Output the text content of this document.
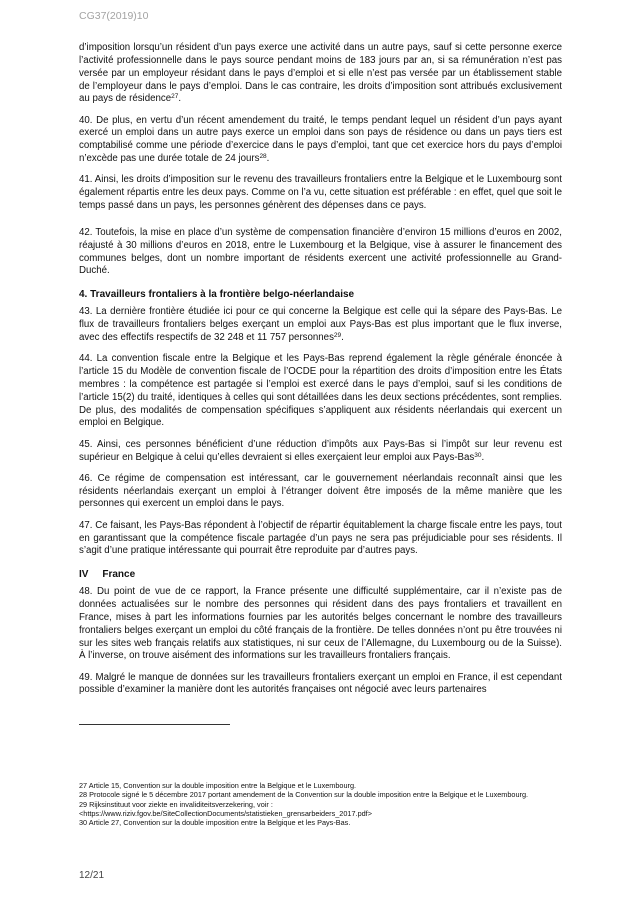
CG37(2019)10

d’imposition lorsqu’un résident d’un pays exerce une activité dans un autre pays, sauf si cette personne exerce l’activité professionnelle dans le pays source pendant moins de 183 jours par an, si sa rémunération n’est pas versée par un employeur résidant dans le pays d’emploi et si elle n’est pas versée par un établissement stable de l’employeur dans le pays d’emploi. Dans le cas contraire, les droits d’imposition sont attribués exclusivement au pays de résidence$^{27}$.

40. De plus, en vertu d’un récent amendement du traité, le temps pendant lequel un résident d’un pays ayant exercé un emploi dans un autre pays exerce un emploi dans son pays de résidence ou dans un pays tiers est comptabilisé comme une période d’exercice dans le pays d’emploi, tant que cet exercice hors du pays d’emploi n’excède pas une durée totale de 24 jours$^{28}$.

41. Ainsi, les droits d’imposition sur le revenu des travailleurs frontaliers entre la Belgique et le Luxembourg sont également répartis entre les deux pays. Comme on l’a vu, cette situation est préférable : en effet, quel que soit le temps passé dans un pays, les personnes génèrent des dépenses dans ce pays.

42. Toutefois, la mise en place d’un système de compensation financière d’environ 15 millions d’euros en 2002, réajusté à 30 millions d’euros en 2018, entre le Luxembourg et la Belgique, vise à assurer le financement des communes belges, dont un nombre important de résidents exercent une activité professionnelle au Grand-Duché.

4. Travailleurs frontaliers à la frontière belgo-néerlandaise

43. La dernière frontière étudiée ici pour ce qui concerne la Belgique est celle qui la sépare des Pays-Bas. Le flux de travailleurs frontaliers belges exerçant un emploi aux Pays-Bas est plus important que le flux inverse, avec des effectifs respectifs de 32 248 et 11 757 personnes$^{29}$.

44. La convention fiscale entre la Belgique et les Pays-Bas reprend également la règle générale énoncée à l’article 15 du Modèle de convention fiscale de l’OCDE pour la répartition des droits d’imposition entre les États membres : la compétence est partagée si l’emploi est exercé dans le pays d’emploi, sauf si les conditions de l’article 15(2) du traité, identiques à celles qui sont détaillées dans les deux sections précédentes, sont remplies. De plus, des modalités de compensation spécifiques s’appliquent aux résidents néerlandais qui exercent un emploi en Belgique.

45. Ainsi, ces personnes bénéficient d’une réduction d’impôts aux Pays-Bas si l’impôt sur leur revenu est supérieur en Belgique à celui qu’elles devraient si elles exerçaient leur emploi aux Pays-Bas$^{30}$.

46. Ce régime de compensation est intéressant, car le gouvernement néerlandais reconnaît ainsi que les résidents néerlandais exerçant un emploi à l’étranger doivent être imposés de la même manière que les personnes qui exercent un emploi dans le pays.

47. Ce faisant, les Pays-Bas répondent à l’objectif de répartir équitablement la charge fiscale entre les pays, tout en garantissant que la compétence fiscale partagée d’un pays ne sera pas préjudiciable pour ses résidents. Il s’agit d’une pratique intéressante qui pourrait être reproduite par d’autres pays.

IV     France

48. Du point de vue de ce rapport, la France présente une difficulté supplémentaire, car il n’existe pas de données actualisées sur le nombre des personnes qui résident dans des pays frontaliers et travaillent en France, mises à part les informations fournies par les autorités belges concernant le nombre des travailleurs frontaliers belges exerçant un emploi du côté français de la frontière. De telles données n’ont pu être trouvées ni sur les sites web français relatifs aux statistiques, ni sur ceux de l’Allemagne, du Luxembourg ou de la Suisse). À l’inverse, on trouve aisément des informations sur les travailleurs frontaliers français.

49. Malgré le manque de données sur les travailleurs frontaliers exerçant un emploi en France, il est cependant possible d’examiner la manière dont les autorités françaises ont négocié avec leurs partenaires

27 Article 15, Convention sur la double imposition entre la Belgique et le Luxembourg.

28 Protocole signé le 5 décembre 2017 portant amendement de la Convention sur la double imposition entre la Belgique et le Luxembourg.

29 Rijksinstituut voor ziekte en invaliditeitsverzekering, voir :

<https://www.riziv.fgov.be/SiteCollectionDocuments/statistieken_grensarbeiders_2017.pdf>

30 Article 27, Convention sur la double imposition entre la Belgique et les Pays-Bas.

12/21
